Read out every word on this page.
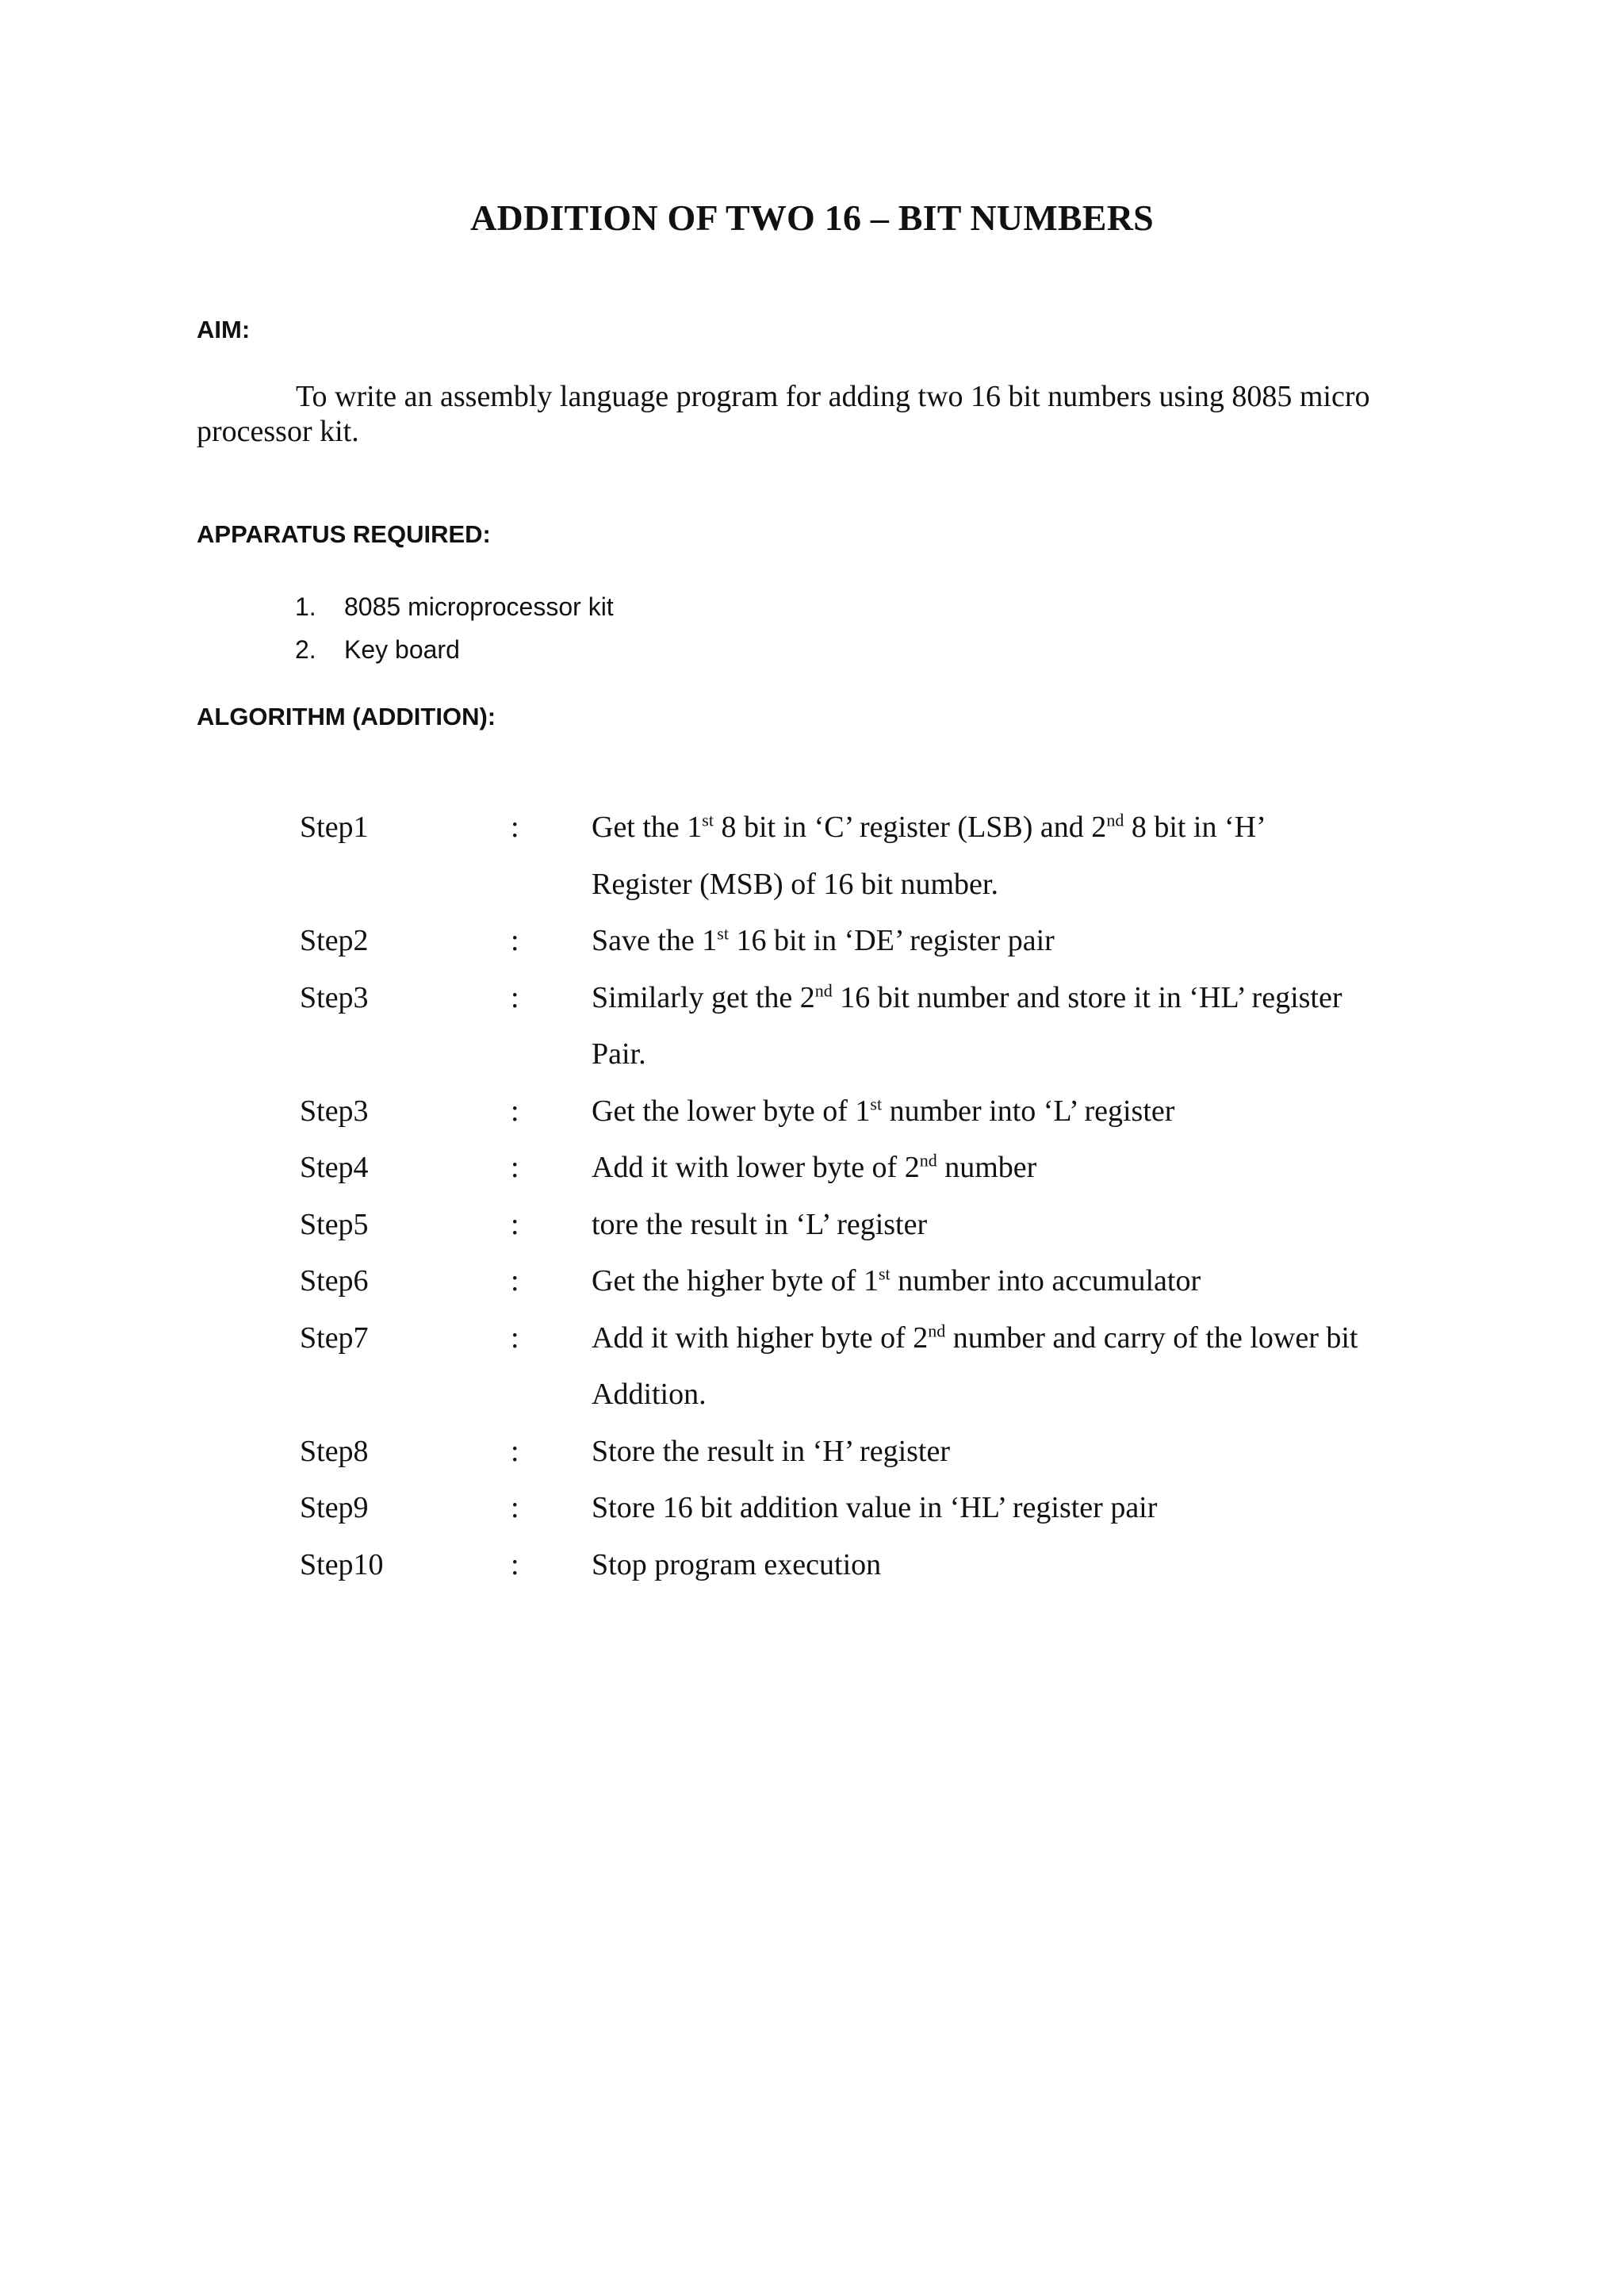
ADDITION OF TWO 16 – BIT NUMBERS
AIM:
To write an assembly language program for adding two 16 bit numbers using 8085 micro processor kit.
APPARATUS REQUIRED:
1.	8085 microprocessor kit
2.	Key board
ALGORITHM (ADDITION):
Step1	:	Get the 1st 8 bit in ‘C’ register (LSB) and 2nd 8 bit in ‘H’
Register (MSB) of 16 bit number.
Step2	:	Save the 1st 16 bit in ‘DE’ register pair
Step3	:	Similarly get the 2nd 16 bit number and store it in ‘HL’ register
Pair.
Step3	:	Get the lower byte of 1st number into ‘L’ register
Step4	:	Add it with lower byte of 2nd number
Step5	:	tore the result in ‘L’ register
Step6	:	Get the higher byte of 1st number into accumulator
Step7	:	Add it with higher byte of 2nd number and carry of the lower bit
Addition.
Step8	:	Store the result in ‘H’ register
Step9	:	Store 16 bit addition value in ‘HL’ register pair
Step10	:	Stop program execution
